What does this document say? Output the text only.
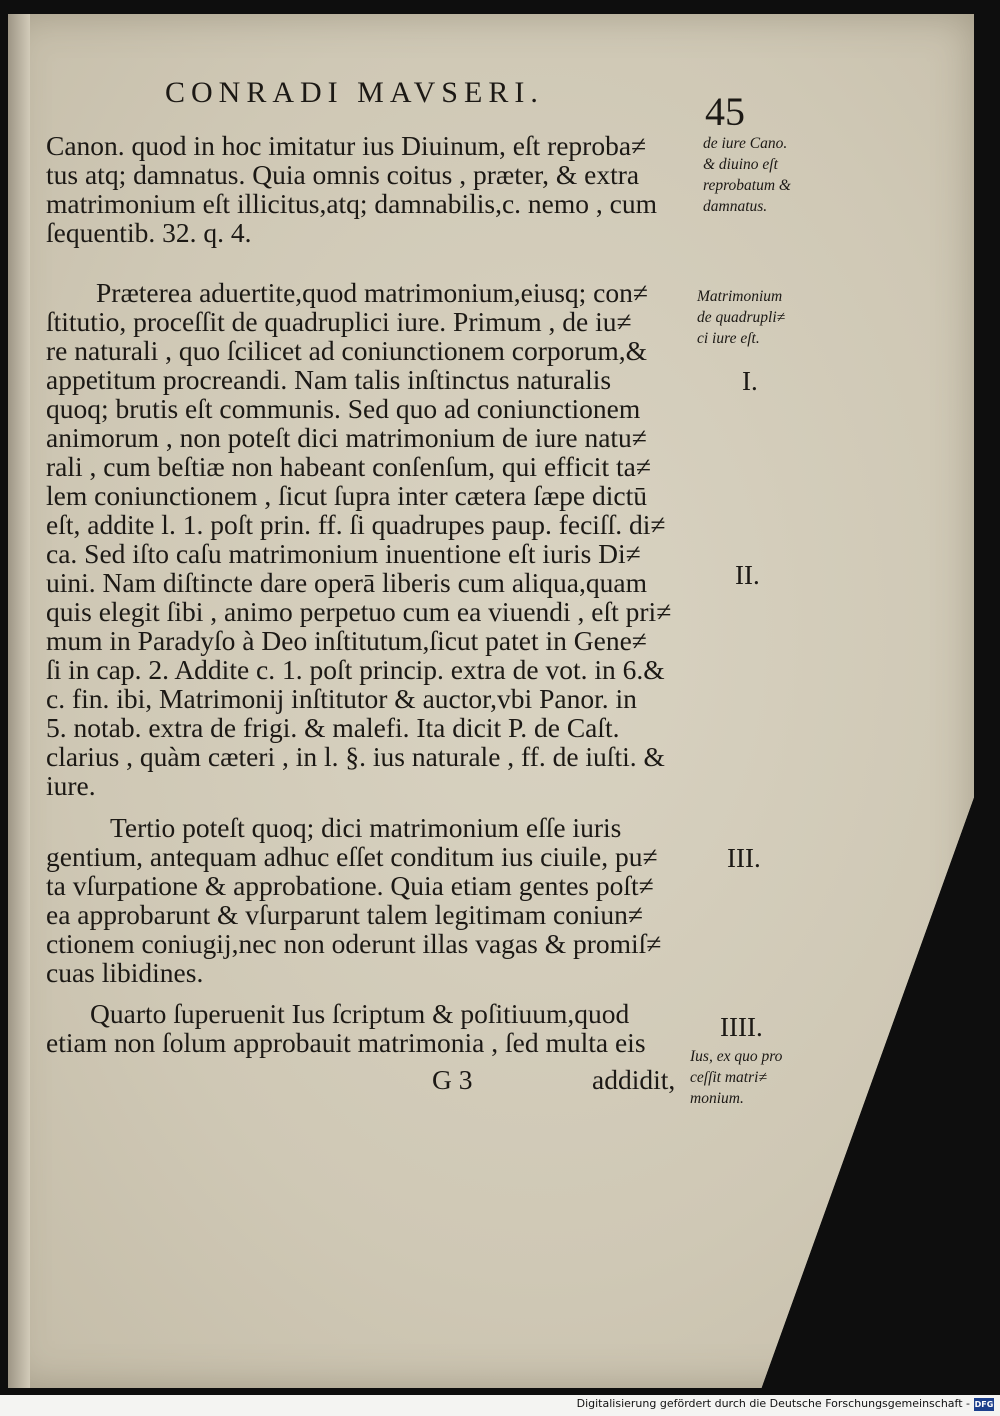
CONRADI MAVSERI.	45
Canon. quod in hoc imitatur ius Diuinum, eſt reproba≠
tus atq; damnatus. Quia omnis coitus , præter, & extra
matrimonium eſt illicitus,atq; damnabilis,c. nemo , cum
ſequentib. 32. q. 4.
Præterea aduertite,quod matrimonium,eiusq; con≠
ſtitutio, proceſſit de quadruplici iure. Primum , de iu≠
re naturali , quo ſcilicet ad coniunctionem corporum,&
appetitum procreandi. Nam talis inſtinctus naturalis
quoq; brutis eſt communis. Sed quo ad coniunctionem
animorum , non poteſt dici matrimonium de iure natu≠
rali , cum beſtiæ non habeant conſenſum, qui efficit ta≠
lem coniunctionem , ſicut ſupra inter cætera ſæpe dictū
eſt, addite l. 1. poſt prin. ff. ſi quadrupes paup. feciſſ. di≠
ca. Sed iſto caſu matrimonium inuentione eſt iuris Di≠
uini. Nam diſtincte dare operā liberis cum aliqua,quam
quis elegit ſibi , animo perpetuo cum ea viuendi , eſt pri≠
mum in Paradyſo à Deo inſtitutum,ſicut patet in Gene≠
ſi in cap. 2. Addite c. 1. poſt princip. extra de vot. in 6.&
c. fin. ibi, Matrimonij inſtitutor & auctor,vbi Panor. in
5. notab. extra de frigi. & malefi. Ita dicit P. de Caſt.
clarius , quàm cæteri , in l. §. ius naturale , ff. de iuſti. &
iure.
Tertio poteſt quoq; dici matrimonium eſſe iuris
gentium, antequam adhuc eſſet conditum ius ciuile, pu≠
ta vſurpatione & approbatione. Quia etiam gentes poſt≠
ea approbarunt & vſurparunt talem legitimam coniun≠
ctionem coniugij,nec non oderunt illas vagas & promiſ≠
cuas libidines.
Quarto ſuperuenit Ius ſcriptum & poſitiuum,quod
etiam non ſolum approbauit matrimonia , ſed multa eis
G 3	addidit,
de iure Cano.
& diuino eſt
reprobatum &
damnatus.
Matrimonium
de quadrupli≠
ci iure eſt.
I.
II.
III.
IIII.
Ius, ex quo pro
ceſſit matri≠
monium.
Digitalisierung gefördert durch die Deutsche Forschungsgemeinschaft - DFG
